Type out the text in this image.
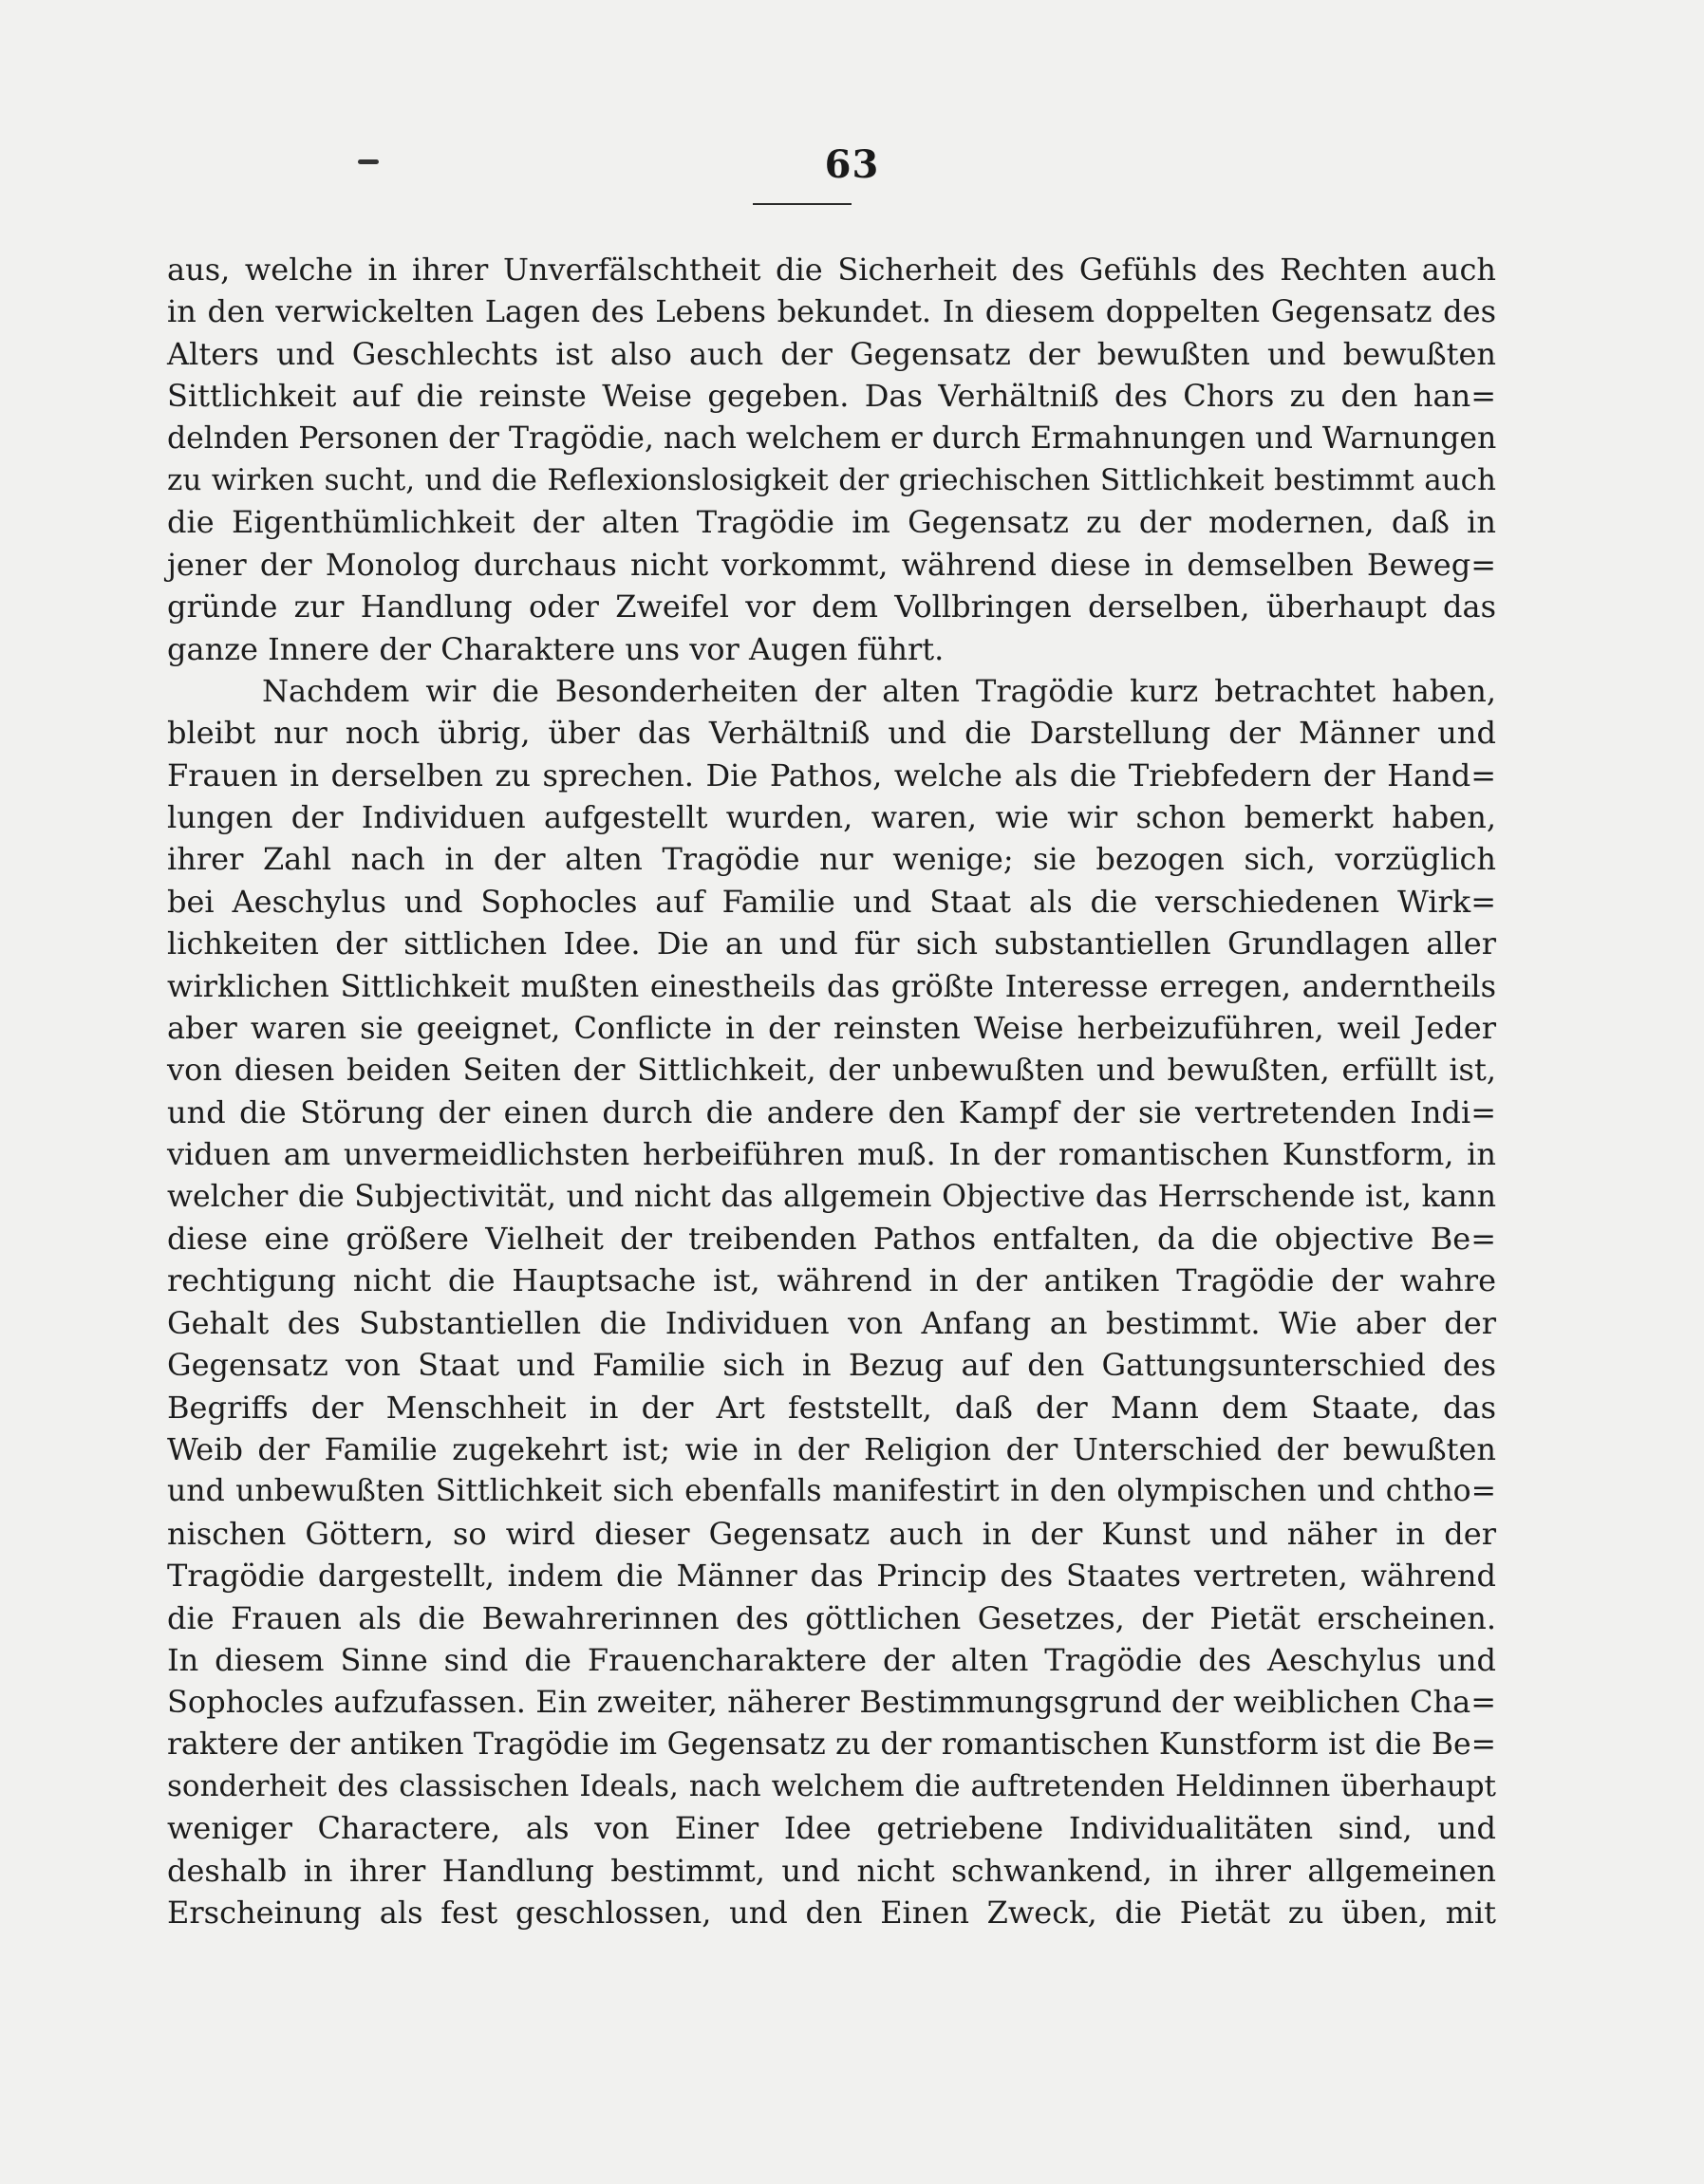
63
aus, welche in ihrer Unverfälschtheit die Sicherheit des Gefühls des Rechten auch
in den verwickelten Lagen des Lebens bekundet. In diesem doppelten Gegensatz des
Alters und Geschlechts ist also auch der Gegensatz der bewußten und bewußten
Sittlichkeit auf die reinste Weise gegeben. Das Verhältniß des Chors zu den han=
delnden Personen der Tragödie, nach welchem er durch Ermahnungen und Warnungen
zu wirken sucht, und die Reflexionslosigkeit der griechischen Sittlichkeit bestimmt auch
die Eigenthümlichkeit der alten Tragödie im Gegensatz zu der modernen, daß in
jener der Monolog durchaus nicht vorkommt, während diese in demselben Beweg=
gründe zur Handlung oder Zweifel vor dem Vollbringen derselben, überhaupt das
ganze Innere der Charaktere uns vor Augen führt.
Nachdem wir die Besonderheiten der alten Tragödie kurz betrachtet haben,
bleibt nur noch übrig, über das Verhältniß und die Darstellung der Männer und
Frauen in derselben zu sprechen. Die Pathos, welche als die Triebfedern der Hand=
lungen der Individuen aufgestellt wurden, waren, wie wir schon bemerkt haben,
ihrer Zahl nach in der alten Tragödie nur wenige; sie bezogen sich, vorzüglich
bei Aeschylus und Sophocles auf Familie und Staat als die verschiedenen Wirk=
lichkeiten der sittlichen Idee. Die an und für sich substantiellen Grundlagen aller
wirklichen Sittlichkeit mußten einestheils das größte Interesse erregen, anderntheils
aber waren sie geeignet, Conflicte in der reinsten Weise herbeizuführen, weil Jeder
von diesen beiden Seiten der Sittlichkeit, der unbewußten und bewußten, erfüllt ist,
und die Störung der einen durch die andere den Kampf der sie vertretenden Indi=
viduen am unvermeidlichsten herbeiführen muß. In der romantischen Kunstform, in
welcher die Subjectivität, und nicht das allgemein Objective das Herrschende ist, kann
diese eine größere Vielheit der treibenden Pathos entfalten, da die objective Be=
rechtigung nicht die Hauptsache ist, während in der antiken Tragödie der wahre
Gehalt des Substantiellen die Individuen von Anfang an bestimmt. Wie aber der
Gegensatz von Staat und Familie sich in Bezug auf den Gattungsunterschied des
Begriffs der Menschheit in der Art feststellt, daß der Mann dem Staate, das
Weib der Familie zugekehrt ist; wie in der Religion der Unterschied der bewußten
und unbewußten Sittlichkeit sich ebenfalls manifestirt in den olympischen und chtho=
nischen Göttern, so wird dieser Gegensatz auch in der Kunst und näher in der
Tragödie dargestellt, indem die Männer das Princip des Staates vertreten, während
die Frauen als die Bewahrerinnen des göttlichen Gesetzes, der Pietät erscheinen.
In diesem Sinne sind die Frauencharaktere der alten Tragödie des Aeschylus und
Sophocles aufzufassen. Ein zweiter, näherer Bestimmungsgrund der weiblichen Cha=
raktere der antiken Tragödie im Gegensatz zu der romantischen Kunstform ist die Be=
sonderheit des classischen Ideals, nach welchem die auftretenden Heldinnen überhaupt
weniger Charactere, als von Einer Idee getriebene Individualitäten sind, und
deshalb in ihrer Handlung bestimmt, und nicht schwankend, in ihrer allgemeinen
Erscheinung als fest geschlossen, und den Einen Zweck, die Pietät zu üben, mit
